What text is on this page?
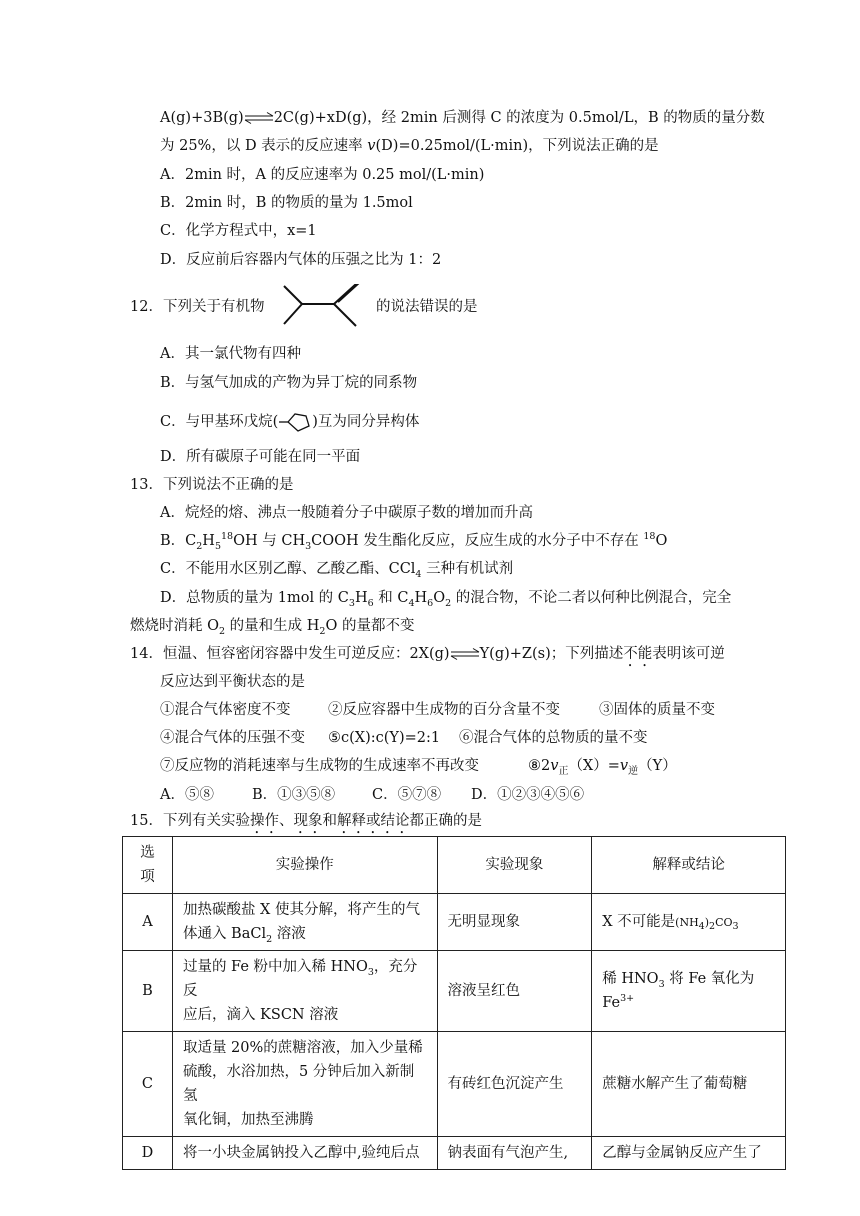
A(g)+3B(g)⇌2C(g)+xD(g)，经 2min 后测得 C 的浓度为 0.5mol/L，B 的物质的量分数
为 25%，以 D 表示的反应速率 v(D)=0.25mol/(L·min)，下列说法正确的是
A．2min 时，A 的反应速率为 0.25 mol/(L·min)
B．2min 时，B 的物质的量为 1.5mol
C．化学方程式中，x=1
D．反应前后容器内气体的压强之比为 1：2
12．下列关于有机物	的说法错误的是
A．其一氯代物有四种
B．与氢气加成的产物为异丁烷的同系物
C．与甲基环戊烷( )互为同分异构体
D．所有碳原子可能在同一平面
13．下列说法不正确的是
A．烷烃的熔、沸点一般随着分子中碳原子数的增加而升高
B．$C_2H_5^{18}OH$ 与 $CH_3COOH$ 发生酯化反应，反应生成的水分子中不存在 $^{18}$O
C．不能用水区别乙醇、乙酸乙酯、CCl$_4$ 三种有机试剂
D．总物质的量为 1mol 的 $C_3H_6$ 和 $C_4H_6O_2$ 的混合物，不论二者以何种比例混合，完全
燃烧时消耗 $O_2$ 的量和生成 $H_2O$ 的量都不变
14．恒温、恒容密闭容器中发生可逆反应：2X(g)⇌Y(g)+Z(s)；下列描述不能表明该可逆
反应达到平衡状态的是
①混合气体密度不变	②反应容器中生成物的百分含量不变	③固体的质量不变
④混合气体的压强不变 ⑤c(X):c(Y)=2:1 ⑥混合气体的总物质的量不变
⑦反应物的消耗速率与生成物的生成速率不再改变	$⑧2v_正(X)=v_逆(Y)$
A．⑤⑧	B．①③⑤⑧	C．⑤⑦⑧ D．①②③④⑤⑥
15．下列有关实验操作、现象和解释或结论都正确的是
选项	实验操作	实验现象	解释或结论
A	加热碳酸盐 X 使其分解，将产生的气
体通入 BaCl$_2$ 溶液	无明显现象	X 不可能是$(NH_4)_2CO_3$
B	过量的 Fe 粉中加入稀 $HNO_3$，充分反
应后，滴入 KSCN 溶液	溶液呈红色	稀 $HNO_3$ 将 Fe 氧化为 $Fe^{3+}$
C	取适量 20%的蔗糖溶液，加入少量稀
硫酸，水浴加热，5 分钟后加入新制氢
氧化铜，加热至沸腾	有砖红色沉淀产生	蔗糖水解产生了葡萄糖
D	将一小块金属钠投入乙醇中,验纯后点	钠表面有气泡产生,	乙醇与金属钠反应产生了
